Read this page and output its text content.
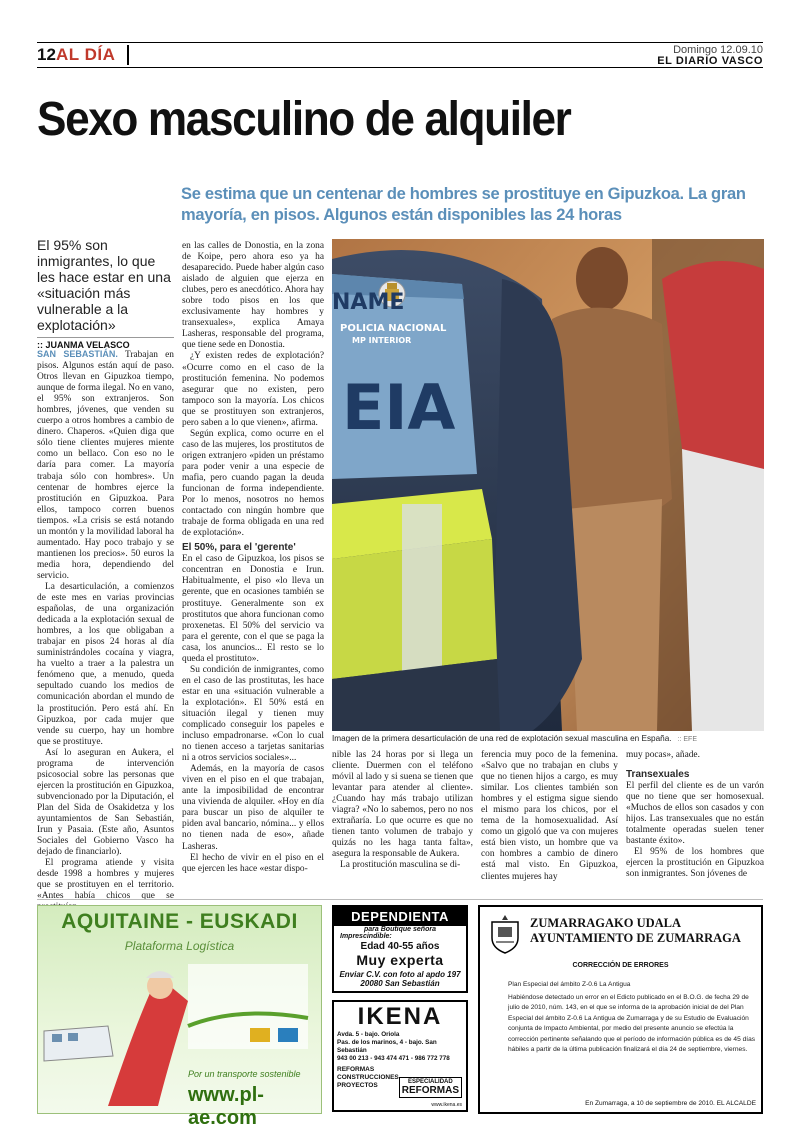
12 AL DÍA	Domingo 12.09.10
EL DIARIO VASCO
Sexo masculino de alquiler
Se estima que un centenar de hombres se prostituye en Gipuzkoa. La gran mayoría, en pisos. Algunos están disponibles las 24 horas
El 95% son inmigrantes, lo que les hace estar en una «situación más vulnerable a la explotación»
:: JUANMA VELASCO

SAN SEBASTIÁN. Trabajan en pisos. Algunos están aquí de paso. Otros llevan en Gipuzkoa tiempo, aunque de forma ilegal. No en vano, el 95% son extranjeros. Son hombres, jóvenes, que venden su cuerpo a otros hombres a cambio de dinero. Chaperos. «Quien diga que sólo tiene clientes mujeres miente como un bellaco. Con eso no le daría para comer. La mayoría trabaja sólo con hombres». Un centenar de hombres ejerce la prostitución en Gipuzkoa. Para ellos, tampoco corren buenos tiempos. «La crisis se está notando un montón y la movilidad laboral ha aumentado. Hay poco trabajo y se mantienen los precios». 50 euros la media hora, dependiendo del servicio.

La desarticulación, a comienzos de este mes en varias provincias españolas, de una organización dedicada a la explotación sexual de hombres, a los que obligaban a trabajar en pisos 24 horas al día suministrándoles cocaína y viagra, ha vuelto a traer a la palestra un fenómeno que, a menudo, queda sepultado cuando los medios de comunicación abordan el mundo de la prostitución. Pero está ahí. En Gipuzkoa, por cada mujer que vende su cuerpo, hay un hombre que se prostituye.

Así lo aseguran en Aukera, el programa de intervención psicosocial sobre las personas que ejercen la prostitución en Gipuzkoa, subvencionado por la Diputación, el Plan del Sida de Osakidetza y los ayuntamientos de San Sebastián, Irun y Pasaia. (Este año, Asuntos Sociales del Gobierno Vasco ha dejado de financiarlo).

El programa atiende y visita desde 1998 a hombres y mujeres que se prostituyen en el territorio. «Antes había chicos que se

en las calles de Donostia, en la zona de Koipe, pero ahora eso ya ha desaparecido. Puede haber algún caso aislado de alguien que ejerza en clubes, pero es anecdótico. Ahora hay sobre todo pisos en los que exclusivamente hay hombres y transexuales», explica Amaya Lasheras, responsable del programa, que tiene sede en Donostia.

¿Y existen redes de explotación? «Ocurre como en el caso de la prostitución femenina. No podemos asegurar que no existen, pero tampoco son la mayoría. Los chicos que se prostituyen son extranjeros, pero saben a lo que vienen», afirma.

Según explica, como ocurre en el caso de las mujeres, los prostitutos de origen extranjero «piden un préstamo para poder venir a una especie de mafia, pero cuando pagan la deuda funcionan de forma independiente. Por lo menos, nosotros no hemos contactado con ningún hombre que trabaje de forma obligada en una red de explotación».

El 50%, para el 'gerente'

En el caso de Gipuzkoa, los pisos se concentran en Donostia e Irun. Habitualmente, el piso «lo lleva un gerente, que en ocasiones también se prostituye. Generalmente son ex prostitutos que ahora funcionan como proxenetas. El 50% del servicio va para el gerente, con el que se paga la casa, los anuncios... El resto se lo queda el prostituto».

Su condición de inmigrantes, como en el caso de las prostitutas, les hace estar en una «situación vulnerable a la explotación». El 50% está en situación ilegal y tienen muy complicado conseguir los papeles e incluso empadronarse. «Con lo cual no tienen acceso a tarjetas sanitarias ni a otros servicios sociales»...

Además, en la mayoría de casos viven en el piso en el que trabajan, ante la imposibilidad de encontrar una vivienda de alquiler. «Hoy en día para buscar un piso de alquiler te piden aval bancario, nómina... y ellos no tienen nada de eso», añade Lasheras.

El hecho de vivir en el piso en el que ejercen les hace «estar dispo-

POLICIA NACIONAL
MP INTERIOR
EIA
NAME
Imagen de la primera desarticulación de una red de explotación sexual masculina en España. :: EFE

nible las 24 horas por si llega un cliente. Duermen con el teléfono móvil al lado y si suena se tienen que levantar para atender al cliente». ¿Cuando hay más trabajo utilizan viagra? «No lo sabemos, pero no nos extrañaría. Lo que ocurre es que no tienen tanto volumen de trabajo y quizás no les haga tanta falta», asegura la responsable de Aukera.

La prostitución masculina se di-

ferencia muy poco de la femenina. «Salvo que no trabajan en clubs y que no tienen hijos a cargo, es muy similar. Los clientes también son hombres y el estigma sigue siendo el mismo para los chicos, por el tema de la homosexualidad. Así como un gigoló que va con mujeres está bien visto, un hombre que va con hombres a cambio de dinero está mal visto. En Gipuzkoa, clientes mujeres hay

muy pocas», añade.

Transexuales

El perfil del cliente es de un varón que no tiene que ser homosexual. «Muchos de ellos son casados y con hijos. Las transexuales que no están totalmente operadas suelen tener bastante éxito».

El 95% de los hombres que ejercen la prostitución en Gipuzkoa son inmigrantes. Son jóvenes de

AQUITAINE - EUSKADI
Plataforma Logística
Por un transporte sostenible
www.pl-ae.com
DEPENDIENTA
para Boutique señora
Imprescindible:
Edad 40-55 años
Muy experta
Enviar C.V. con foto al apdo 197
20080 San Sebastián
IKENA
Avda. 5 - bajo. Oriola
Pas. de los marinos, 4 - bajo. San Sebastián
943 00 213 - 943 474 471 - 986 772 778
REFORMAS
CONSTRUCCIONES
PROYECTOS	ESPECIALIDAD
REFORMAS
www.ikena.es
ZUMARRAGAKO UDALA
AYUNTAMIENTO DE ZUMARRAGA
CORRECCIÓN DE ERRORES

Plan Especial del ámbito Z-0.6 La Antigua

Habiéndose detectado un error en el Edicto publicado en el B.O.G. de fecha 29 de julio de 2010, núm. 143, en el que se informa de la aprobación inicial de del Plan Especial del ámbito Z-0.6 La Antigua de Zumarraga y de su Estudio de Evaluación conjunta de Impacto Ambiental, por medio del presente anuncio se efectúa la corrección pertinente señalando que el período de información pública es de 45 días hábiles a partir de la última publicación finalizará el día 24 de septiembre, viernes.

En Zumarraga, a 10 de septiembre de 2010. EL ALCALDE
